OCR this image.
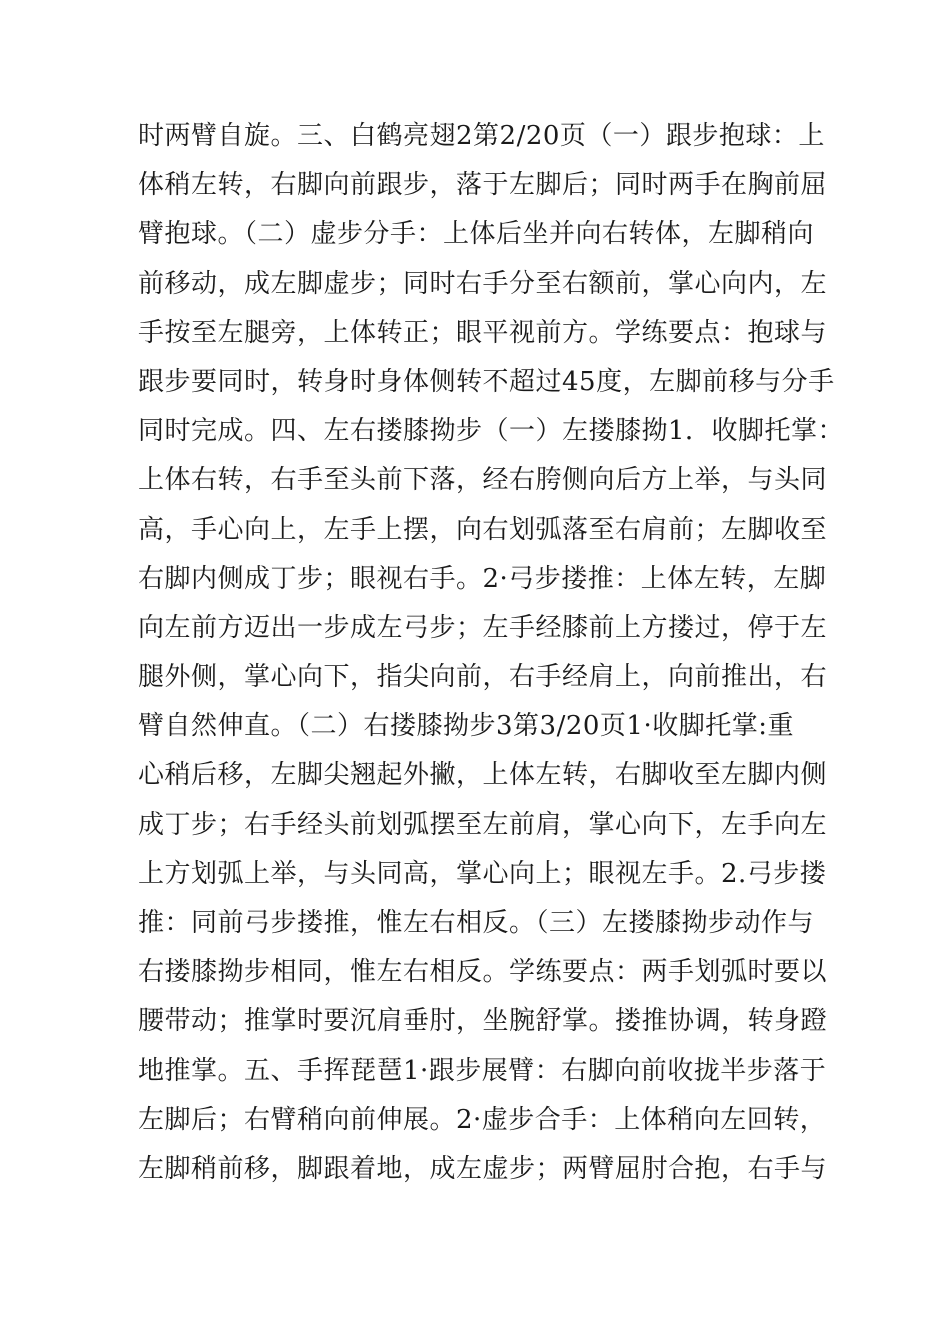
时两臂自旋。三、白鹤亮翅2第2/20页（一）跟步抱球：上
体稍左转，右脚向前跟步，落于左脚后；同时两手在胸前屈
臂抱球。（二）虚步分手：上体后坐并向右转体，左脚稍向
前移动，成左脚虚步；同时右手分至右额前，掌心向内，左
手按至左腿旁，上体转正；眼平视前方。学练要点：抱球与
跟步要同时，转身时身体侧转不超过45度，左脚前移与分手
同时完成。四、左右搂膝拗步（一）左搂膝拗1．收脚托掌：
上体右转，右手至头前下落，经右胯侧向后方上举，与头同
高，手心向上，左手上摆，向右划弧落至右肩前；左脚收至
右脚内侧成丁步；眼视右手。2·弓步搂推：上体左转，左脚
向左前方迈出一步成左弓步；左手经膝前上方搂过，停于左
腿外侧，掌心向下，指尖向前，右手经肩上，向前推出，右
臂自然伸直。（二）右搂膝拗步3第3/20页1·收脚托掌:重
心稍后移，左脚尖翘起外撇，上体左转，右脚收至左脚内侧
成丁步；右手经头前划弧摆至左前肩，掌心向下，左手向左
上方划弧上举，与头同高，掌心向上；眼视左手。2.弓步搂
推：同前弓步搂推，惟左右相反。（三）左搂膝拗步动作与
右搂膝拗步相同，惟左右相反。学练要点：两手划弧时要以
腰带动；推掌时要沉肩垂肘，坐腕舒掌。搂推协调，转身蹬
地推掌。五、手挥琵琶1·跟步展臂：右脚向前收拢半步落于
左脚后；右臂稍向前伸展。2·虚步合手：上体稍向左回转，
左脚稍前移，脚跟着地，成左虚步；两臂屈肘合抱，右手与
